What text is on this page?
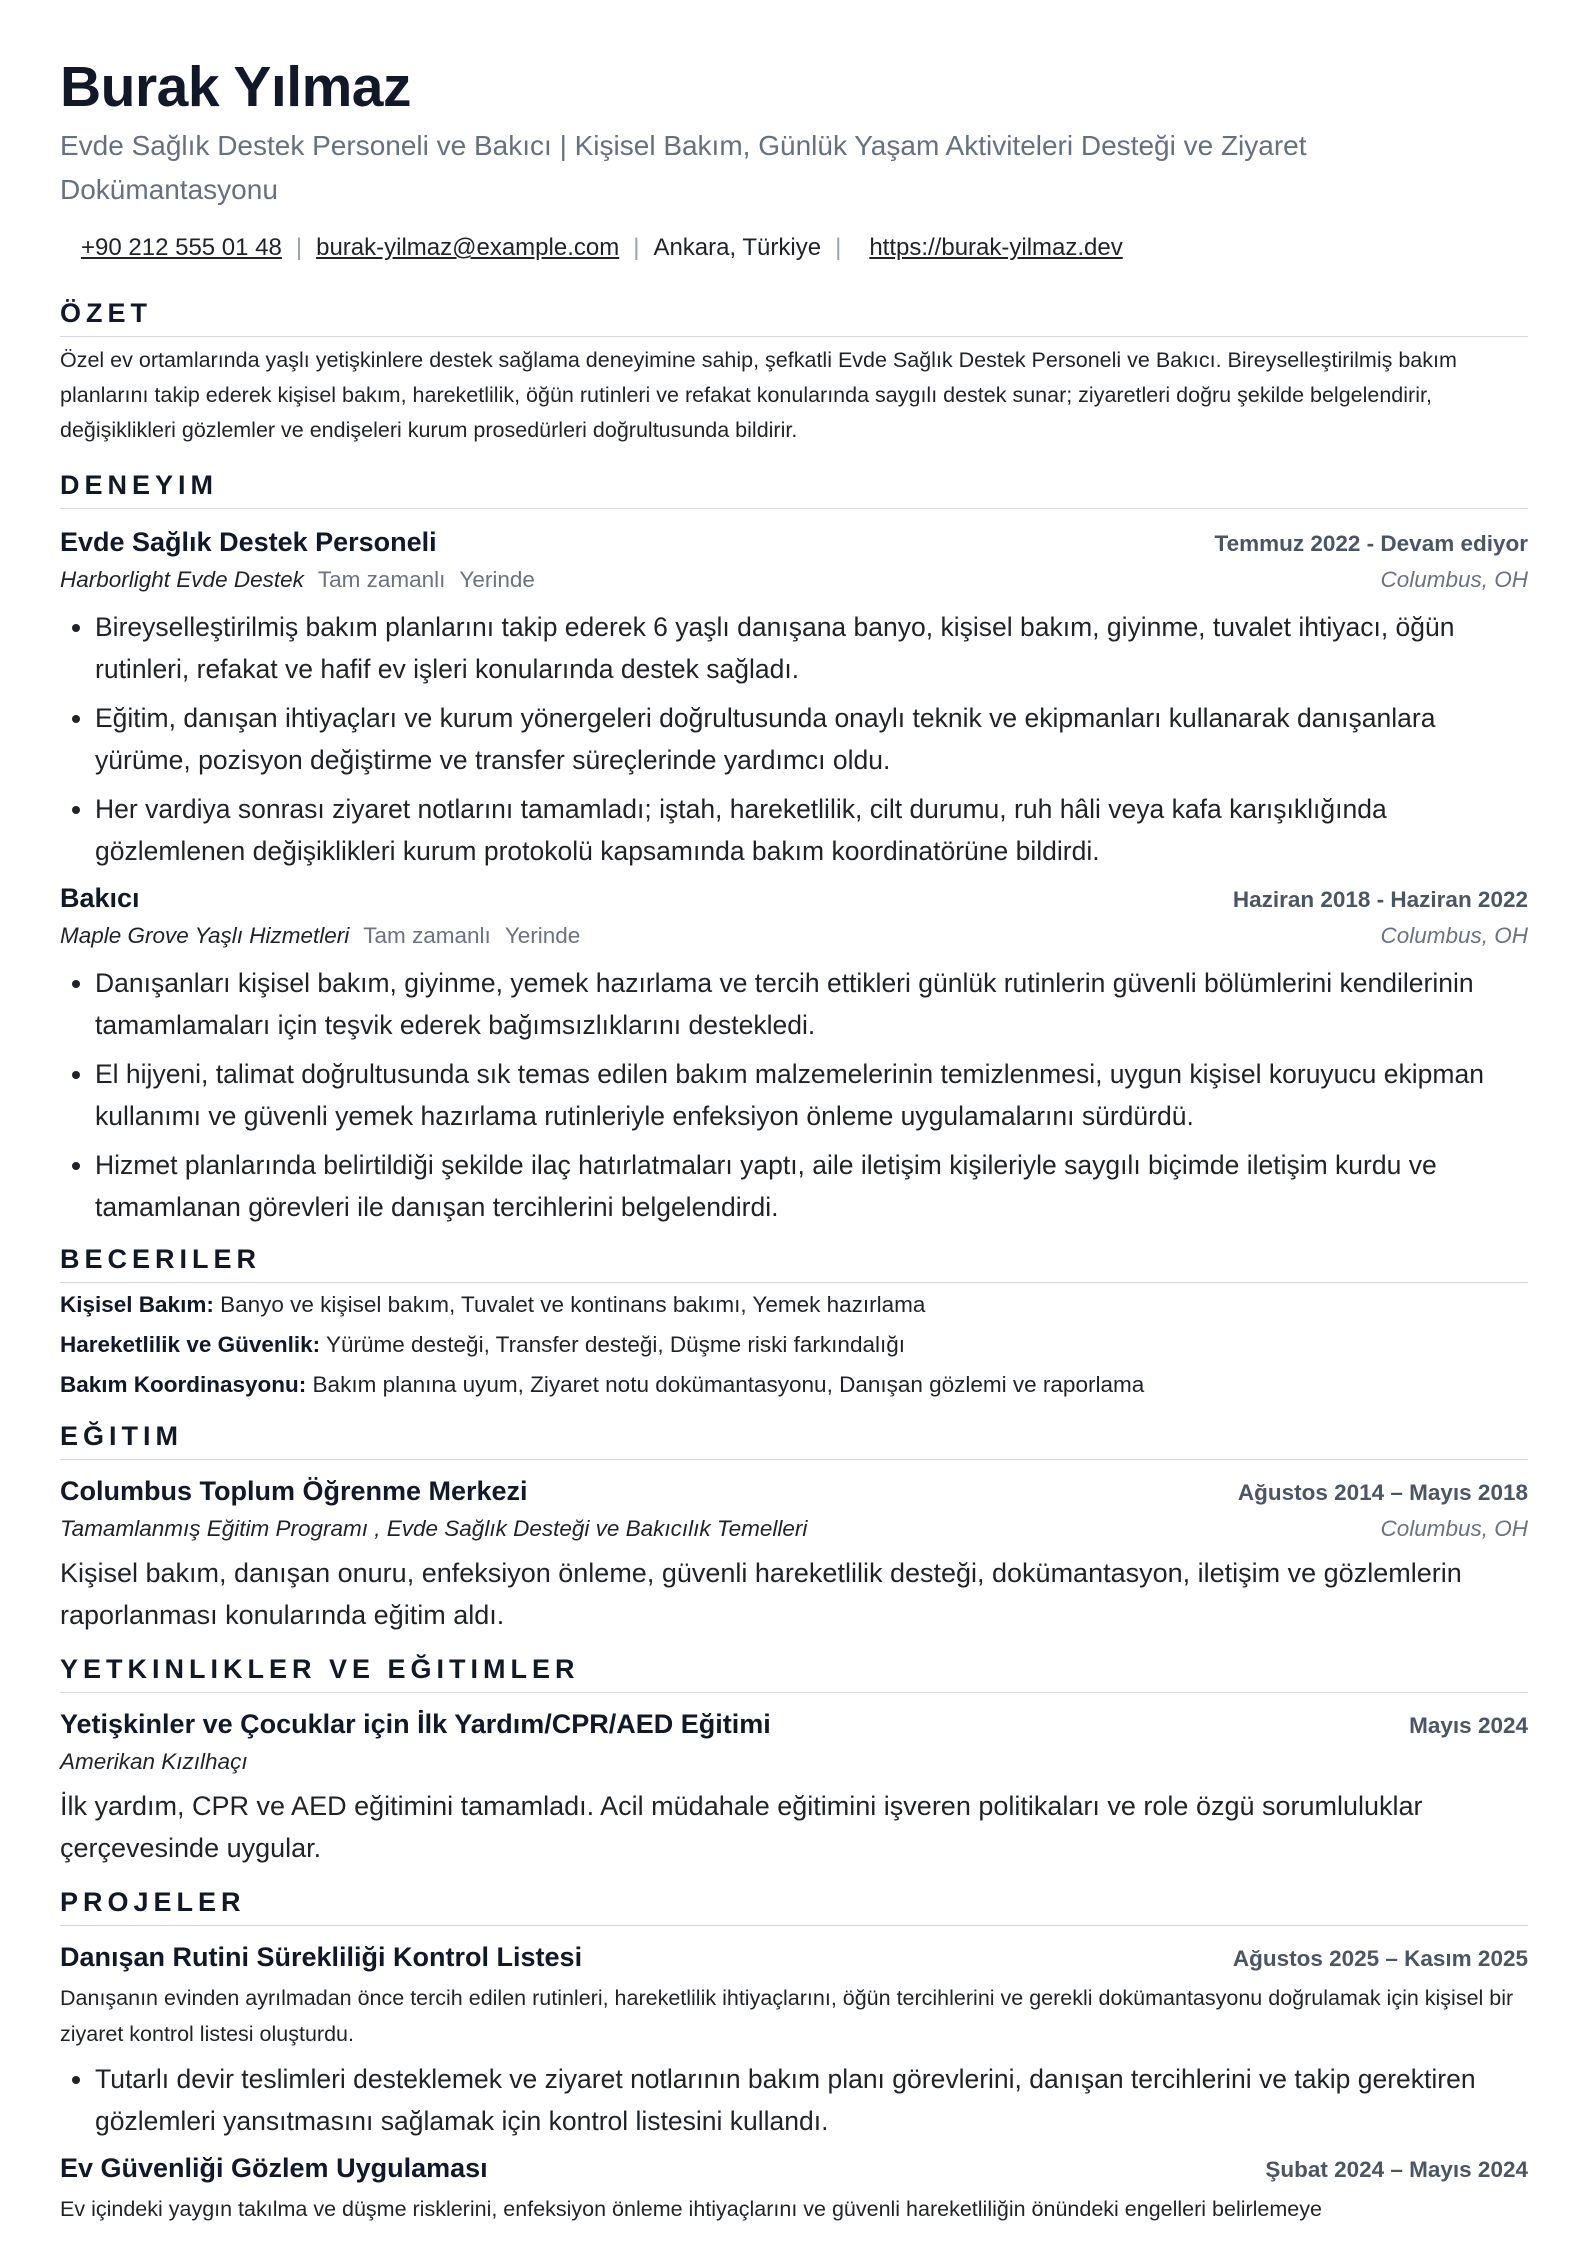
Burak Yılmaz
Evde Sağlık Destek Personeli ve Bakıcı | Kişisel Bakım, Günlük Yaşam Aktiviteleri Desteği ve Ziyaret Dokümantasyonu
+90 212 555 01 48 | burak-yilmaz@example.com | Ankara, Türkiye | https://burak-yilmaz.dev
ÖZET
Özel ev ortamlarında yaşlı yetişkinlere destek sağlama deneyimine sahip, şefkatli Evde Sağlık Destek Personeli ve Bakıcı. Bireyselleştirilmiş bakım planlarını takip ederek kişisel bakım, hareketlilik, öğün rutinleri ve refakat konularında saygılı destek sunar; ziyaretleri doğru şekilde belgelendirir, değişiklikleri gözlemler ve endişeleri kurum prosedürleri doğrultusunda bildirir.
DENEYIM
Evde Sağlık Destek Personeli	Temmuz 2022 - Devam ediyor
Harborlight Evde Destek Tam zamanlı Yerinde	Columbus, OH
• Bireyselleştirilmiş bakım planlarını takip ederek 6 yaşlı danışana banyo, kişisel bakım, giyinme, tuvalet ihtiyacı, öğün rutinleri, refakat ve hafif ev işleri konularında destek sağladı.
• Eğitim, danışan ihtiyaçları ve kurum yönergeleri doğrultusunda onaylı teknik ve ekipmanları kullanarak danışanlara yürüme, pozisyon değiştirme ve transfer süreçlerinde yardımcı oldu.
• Her vardiya sonrası ziyaret notlarını tamamladı; iştah, hareketlilik, cilt durumu, ruh hâli veya kafa karışıklığında gözlemlenen değişiklikleri kurum protokolü kapsamında bakım koordinatörüne bildirdi.
Bakıcı	Haziran 2018 - Haziran 2022
Maple Grove Yaşlı Hizmetleri Tam zamanlı Yerinde	Columbus, OH
• Danışanları kişisel bakım, giyinme, yemek hazırlama ve tercih ettikleri günlük rutinlerin güvenli bölümlerini kendilerinin tamamlamaları için teşvik ederek bağımsızlıklarını destekledi.
• El hijyeni, talimat doğrultusunda sık temas edilen bakım malzemelerinin temizlenmesi, uygun kişisel koruyucu ekipman kullanımı ve güvenli yemek hazırlama rutinleriyle enfeksiyon önleme uygulamalarını sürdürdü.
• Hizmet planlarında belirtildiği şekilde ilaç hatırlatmaları yaptı, aile iletişim kişileriyle saygılı biçimde iletişim kurdu ve tamamlanan görevleri ile danışan tercihlerini belgelendirdi.
BECERILER
Kişisel Bakım: Banyo ve kişisel bakım, Tuvalet ve kontinans bakımı, Yemek hazırlama
Hareketlilik ve Güvenlik: Yürüme desteği, Transfer desteği, Düşme riski farkındalığı
Bakım Koordinasyonu: Bakım planına uyum, Ziyaret notu dokümantasyonu, Danışan gözlemi ve raporlama
EĞITIM
Columbus Toplum Öğrenme Merkezi	Ağustos 2014 – Mayıs 2018
Tamamlanmış Eğitim Programı , Evde Sağlık Desteği ve Bakıcılık Temelleri	Columbus, OH
Kişisel bakım, danışan onuru, enfeksiyon önleme, güvenli hareketlilik desteği, dokümantasyon, iletişim ve gözlemlerin raporlanması konularında eğitim aldı.
YETKINLIKLER VE EĞITIMLER
Yetişkinler ve Çocuklar için İlk Yardım/CPR/AED Eğitimi	Mayıs 2024
Amerikan Kızılhaçı
İlk yardım, CPR ve AED eğitimini tamamladı. Acil müdahale eğitimini işveren politikaları ve role özgü sorumluluklar çerçevesinde uygular.
PROJELER
Danışan Rutini Sürekliliği Kontrol Listesi	Ağustos 2025 – Kasım 2025
Danışanın evinden ayrılmadan önce tercih edilen rutinleri, hareketlilik ihtiyaçlarını, öğün tercihlerini ve gerekli dokümantasyonu doğrulamak için kişisel bir ziyaret kontrol listesi oluşturdu.
• Tutarlı devir teslimleri desteklemek ve ziyaret notlarının bakım planı görevlerini, danışan tercihlerini ve takip gerektiren gözlemleri yansıtmasını sağlamak için kontrol listesini kullandı.
Ev Güvenliği Gözlem Uygulaması	Şubat 2024 – Mayıs 2024
Ev içindeki yaygın takılma ve düşme risklerini, enfeksiyon önleme ihtiyaçlarını ve güvenli hareketliliğin önündeki engelleri belirlemeye
